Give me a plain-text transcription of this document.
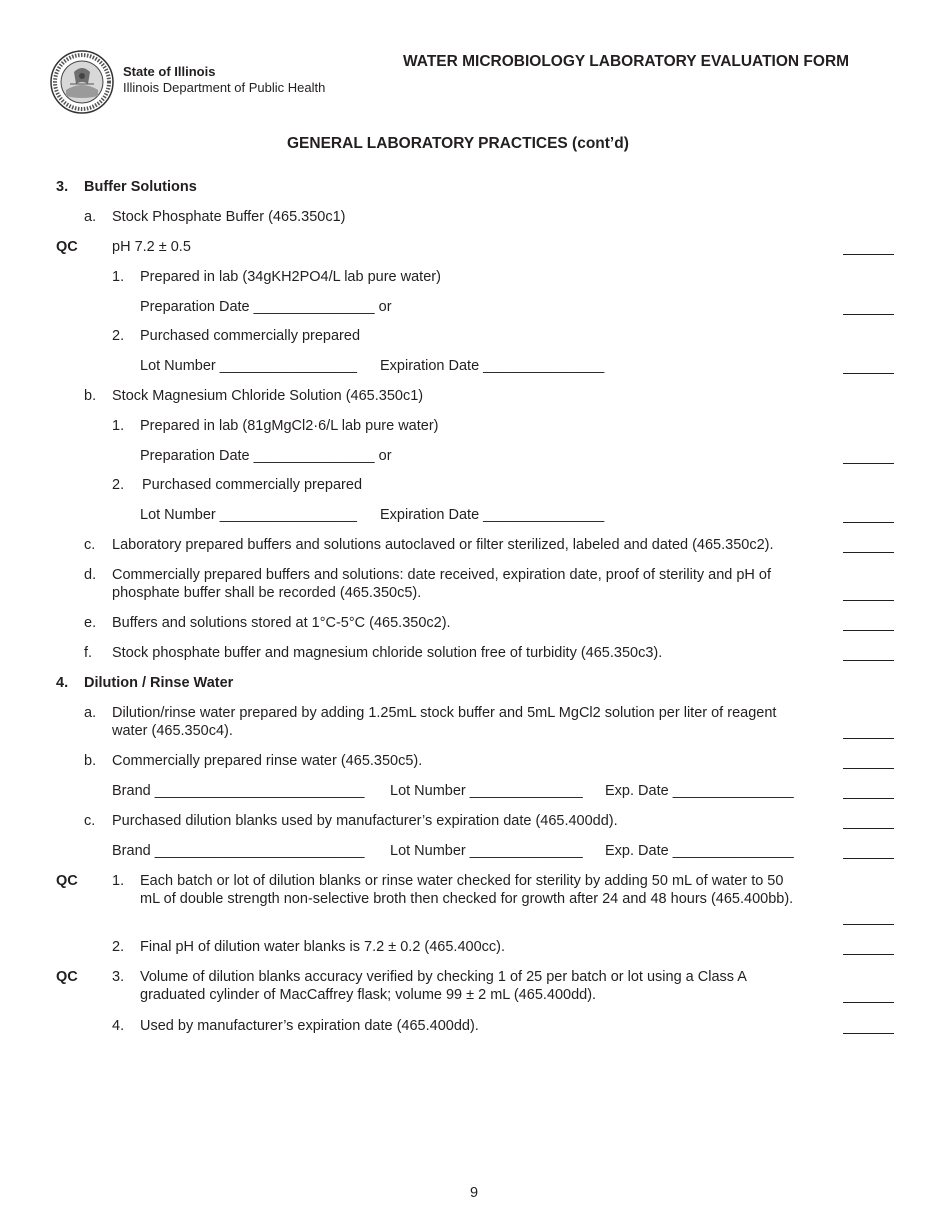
State of Illinois
Illinois Department of Public Health
WATER MICROBIOLOGY LABORATORY EVALUATION FORM
GENERAL LABORATORY PRACTICES (cont’d)
3. Buffer Solutions
a. Stock Phosphate Buffer (465.350c1)
QC pH 7.2 ± 0.5
1. Prepared in lab (34gKH2PO4/L lab pure water)
Preparation Date _______________ or
2. Purchased commercially prepared
Lot Number _________________ Expiration Date _______________
b. Stock Magnesium Chloride Solution (465.350c1)
1. Prepared in lab (81gMgCl2·6/L lab pure water)
Preparation Date _______________ or
2. Purchased commercially prepared
Lot Number _________________ Expiration Date _______________
c. Laboratory prepared buffers and solutions autoclaved or filter sterilized, labeled and dated (465.350c2).
d. Commercially prepared buffers and solutions: date received, expiration date, proof of sterility and pH of phosphate buffer shall be recorded (465.350c5).
e. Buffers and solutions stored at 1°C-5°C (465.350c2).
f. Stock phosphate buffer and magnesium chloride solution free of turbidity (465.350c3).
4. Dilution / Rinse Water
a. Dilution/rinse water prepared by adding 1.25mL stock buffer and 5mL MgCl2 solution per liter of reagent water (465.350c4).
b. Commercially prepared rinse water (465.350c5).
Brand __________________________ Lot Number ______________ Exp. Date _______________
c. Purchased dilution blanks used by manufacturer’s expiration date (465.400dd).
Brand __________________________ Lot Number ______________ Exp. Date _______________
QC 1. Each batch or lot of dilution blanks or rinse water checked for sterility by adding 50 mL of water to 50 mL of double strength non-selective broth then checked for growth after 24 and 48 hours (465.400bb).
2. Final pH of dilution water blanks is 7.2 ± 0.2 (465.400cc).
QC 3. Volume of dilution blanks accuracy verified by checking 1 of 25 per batch or lot using a Class A graduated cylinder of MacCaffrey flask; volume 99 ± 2 mL (465.400dd).
4. Used by manufacturer’s expiration date (465.400dd).
9
